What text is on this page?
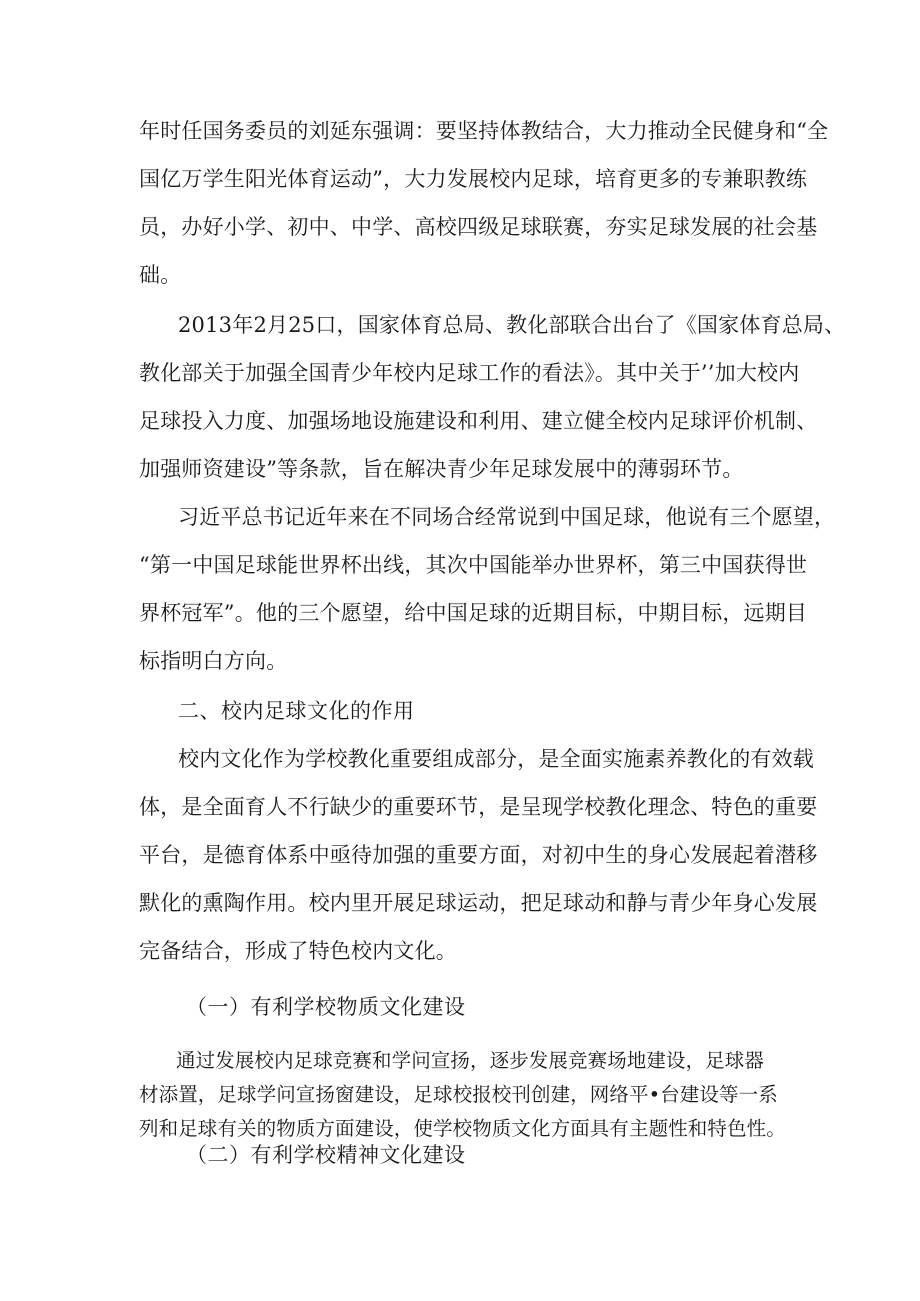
年时任国务委员的刘延东强调：要坚持体教结合，大力推动全民健身和“全
国亿万学生阳光体育运动”，大力发展校内足球，培育更多的专兼职教练
员，办好小学、初中、中学、高校四级足球联赛，夯实足球发展的社会基
础。
2013年2月25口，国家体育总局、教化部联合出台了《国家体育总局、
教化部关于加强全国青少年校内足球工作的看法》。其中关于’’加大校内
足球投入力度、加强场地设施建设和利用、建立健全校内足球评价机制、
加强师资建设”等条款，旨在解决青少年足球发展中的薄弱环节。
习近平总书记近年来在不同场合经常说到中国足球，他说有三个愿望，
“第一中国足球能世界杯出线，其次中国能举办世界杯，第三中国获得世
界杯冠军”。他的三个愿望，给中国足球的近期目标，中期目标，远期目
标指明白方向。
二、校内足球文化的作用
校内文化作为学校教化重要组成部分，是全面实施素养教化的有效载
体，是全面育人不行缺少的重要环节，是呈现学校教化理念、特色的重要
平台，是德育体系中亟待加强的重要方面，对初中生的身心发展起着潜移
默化的熏陶作用。校内里开展足球运动，把足球动和静与青少年身心发展
完备结合，形成了特色校内文化。
（一）有利学校物质文化建设
通过发展校内足球竞赛和学问宣扬，逐步发展竞赛场地建设，足球器
材添置，足球学问宣扬窗建设，足球校报校刊创建，网络平•台建设等一系
列和足球有关的物质方面建设，使学校物质文化方面具有主题性和特色性。
（二）有利学校精神文化建设
